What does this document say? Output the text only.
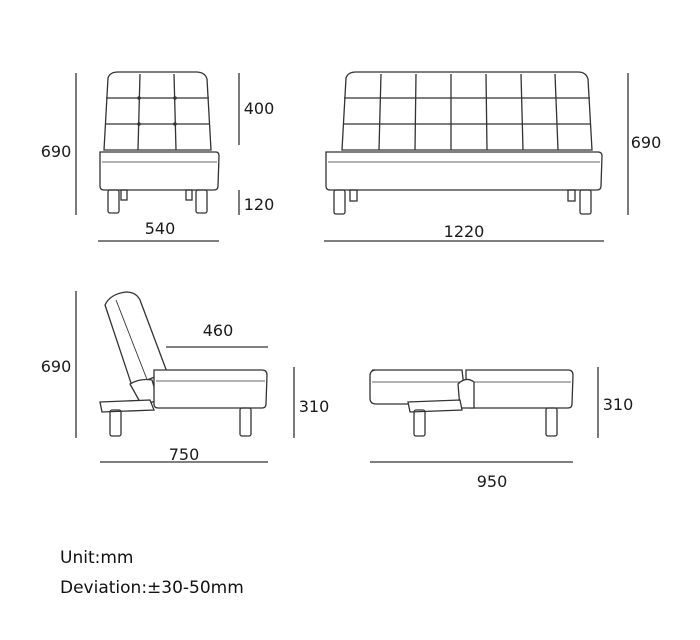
690
400
120
540
690
1220
690
460
310
750
310
950
Unit:mm
Deviation:±30-50mm
